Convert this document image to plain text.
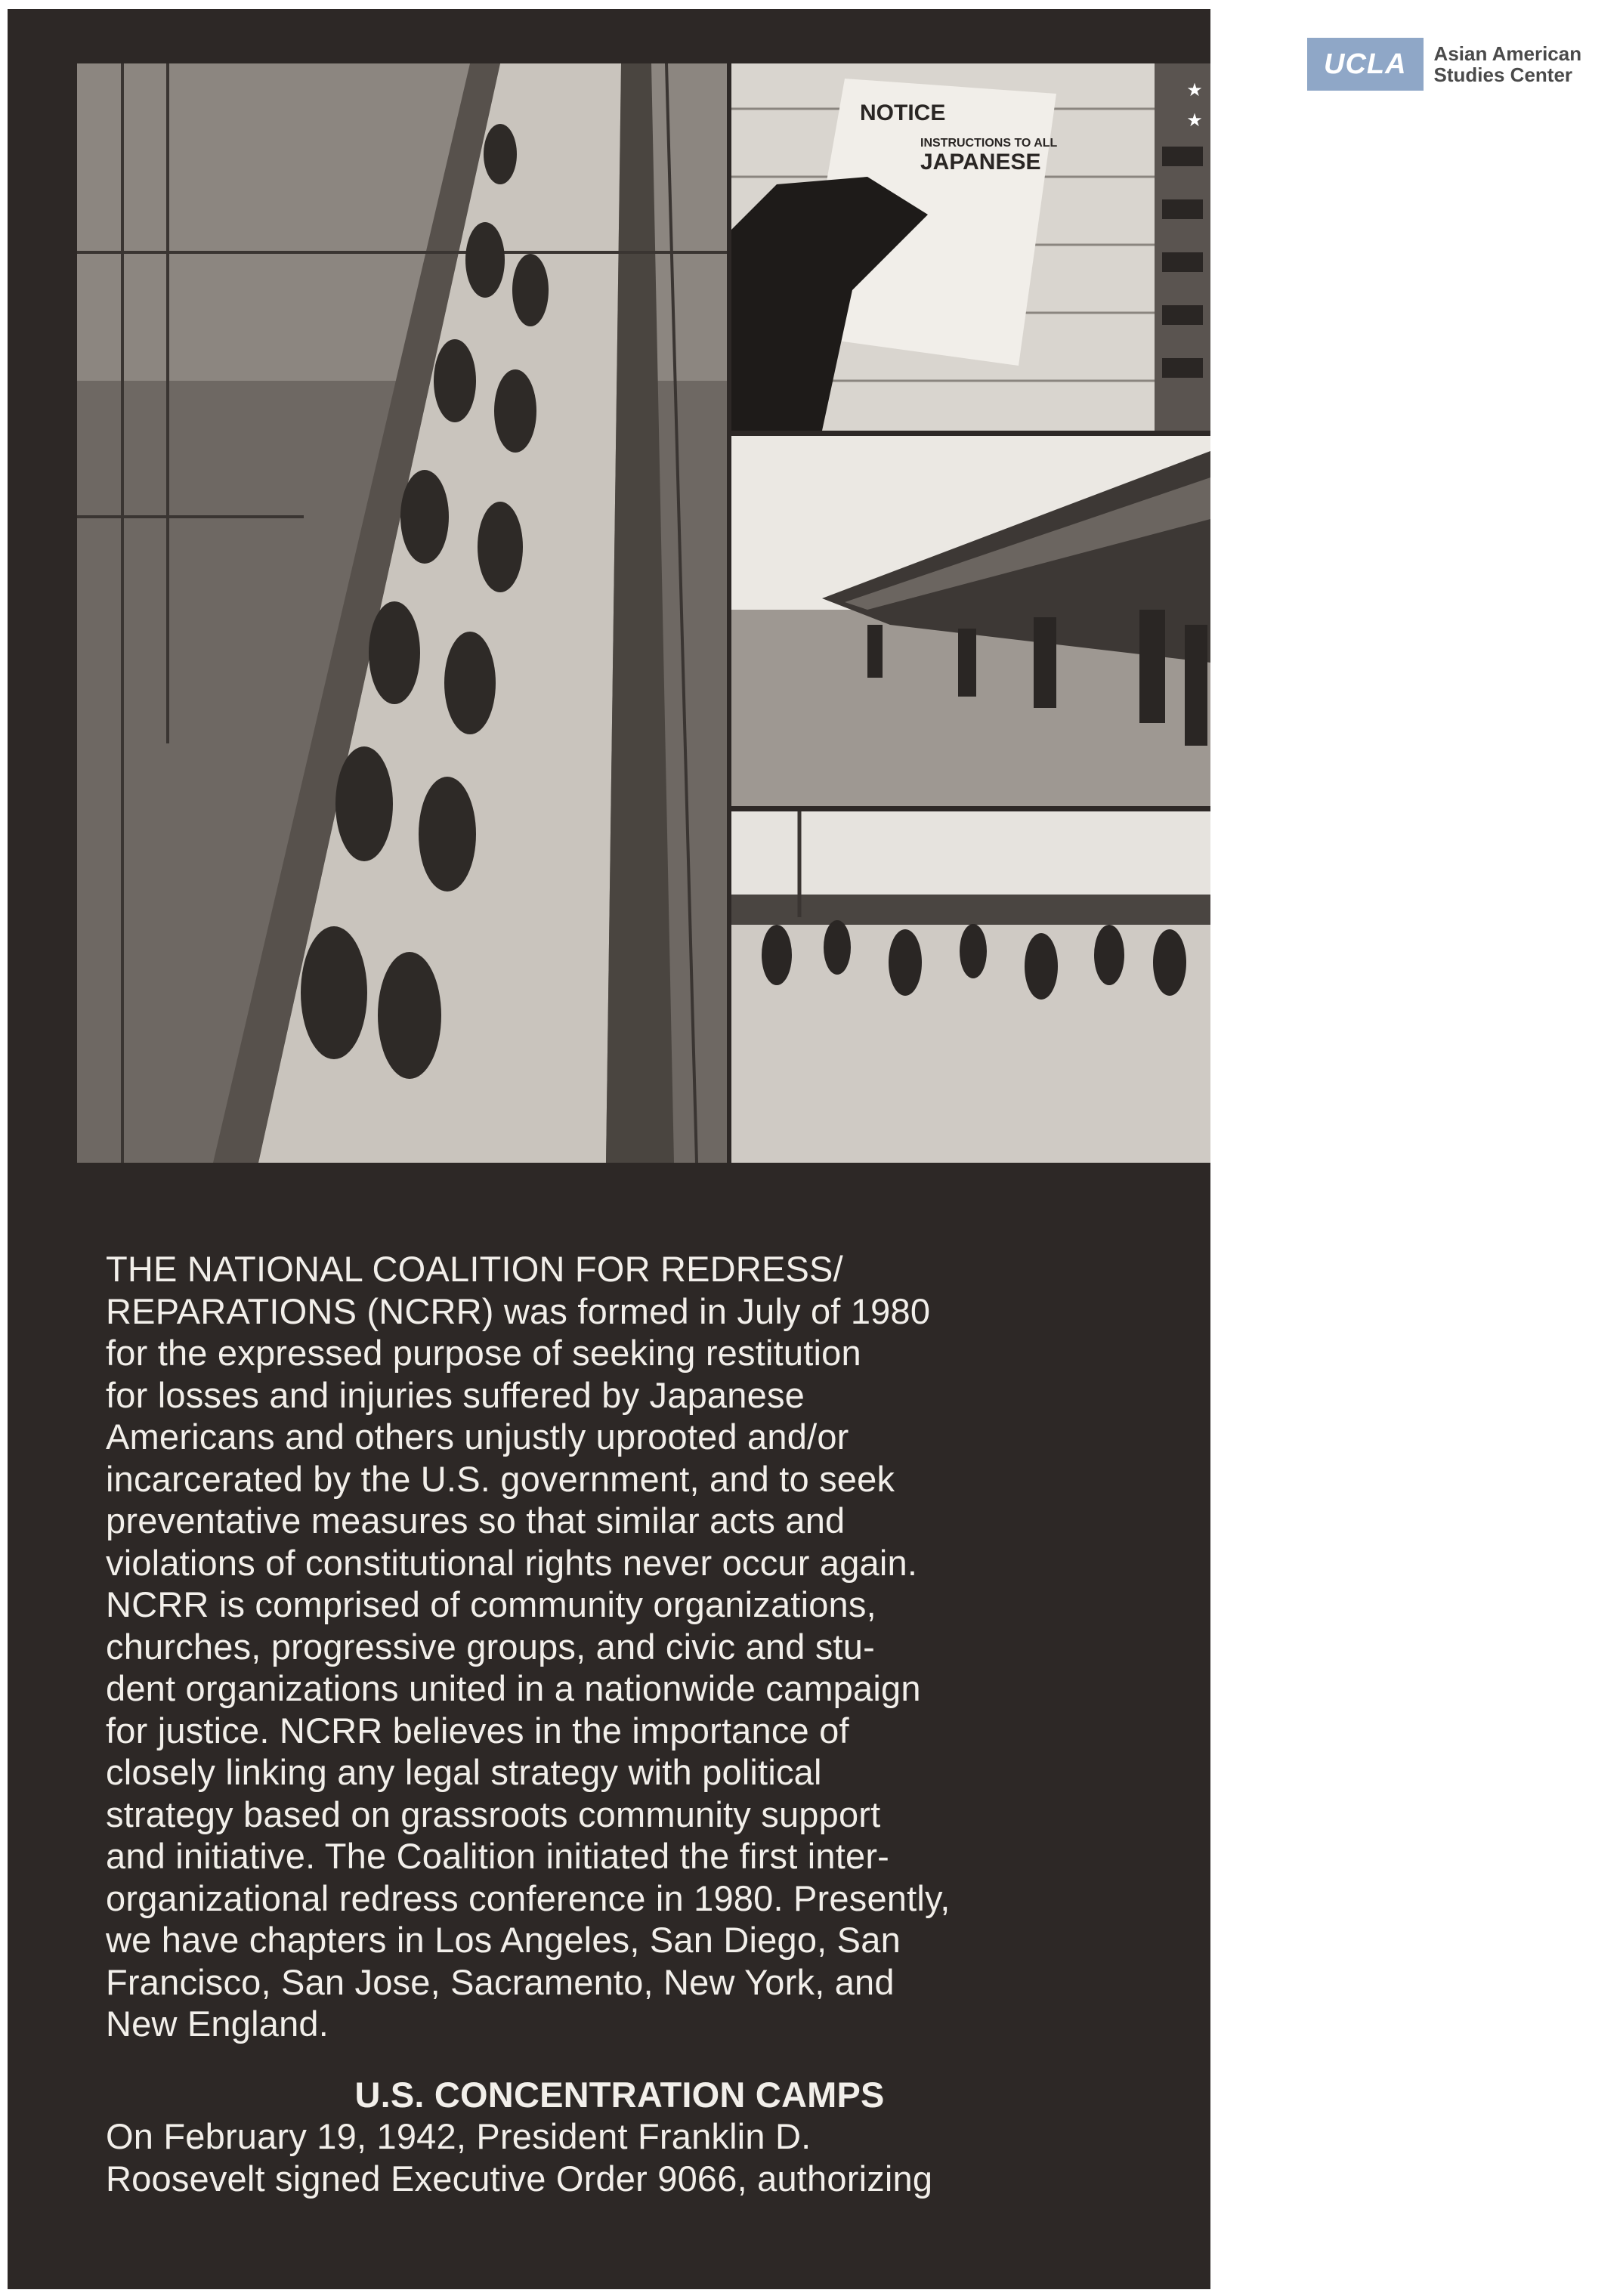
UCLA	Asian American
Studies Center
NOTICE
INSTRUCTIONS TO ALL
JAPANESE
★
★
THE NATIONAL COALITION FOR REDRESS/
REPARATIONS (NCRR) was formed in July of 1980
for the expressed purpose of seeking restitution
for losses and injuries suffered by Japanese
Americans and others unjustly uprooted and/or
incarcerated by the U.S. government, and to seek
preventative measures so that similar acts and
violations of constitutional rights never occur again.
NCRR is comprised of community organizations,
churches, progressive groups, and civic and stu-
dent organizations united in a nationwide campaign
for justice. NCRR believes in the importance of
closely linking any legal strategy with political
strategy based on grassroots community support
and initiative. The Coalition initiated the first inter-
organizational redress conference in 1980. Presently,
we have chapters in Los Angeles, San Diego, San
Francisco, San Jose, Sacramento, New York, and
New England.
U.S. CONCENTRATION CAMPS
On February 19, 1942, President Franklin D.
Roosevelt signed Executive Order 9066, authorizing
